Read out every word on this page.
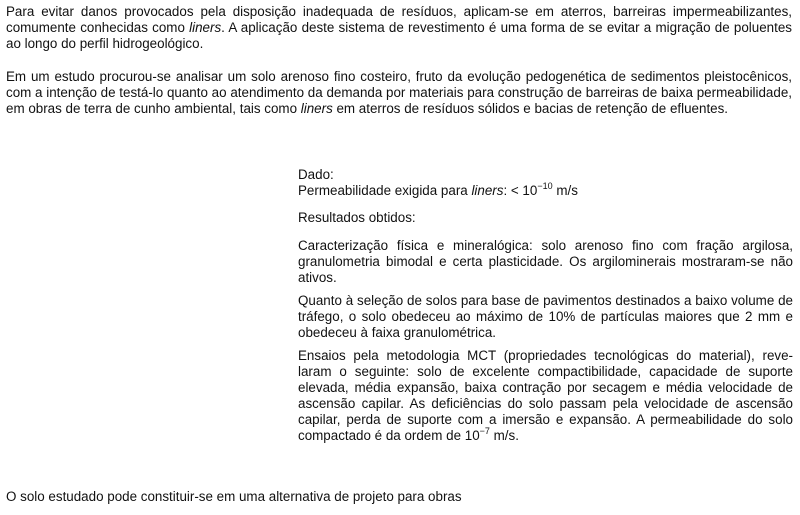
Para evitar danos provocados pela disposição inadequada de resíduos, aplicam-se em aterros, barreiras impermeabilizantes, comumente conhecidas como liners. A aplicação deste sistema de revestimento é uma forma de se evitar a migração de poluentes ao longo do perfil hidrogeológico.

Em um estudo procurou-se analisar um solo arenoso fino costeiro, fruto da evolução pedogenética de sedimentos pleistocênicos, com a intenção de testá-lo quanto ao atendimento da demanda por materiais para construção de barreiras de baixa permeabilidade, em obras de terra de cunho ambiental, tais como liners em aterros de resíduos sólidos e bacias de retenção de efluentes.

Dado:

Permeabilidade exigida para liners: < $10^{-10}$ m/s

Resultados obtidos:

Caracterização física e mineralógica: solo arenoso fino com fração argilosa, granulometria bimodal e certa plasticidade. Os argilominerais mostraram-se não ativos.

Quanto à seleção de solos para base de pavimentos destinados a baixo volume de tráfego, o solo obedeceu ao máximo de 10% de partículas maiores que 2 mm e obedeceu à faixa granulométrica.

Ensaios pela metodologia MCT (propriedades tecnológicas do material), reve-laram o seguinte: solo de excelente compactibilidade, capacidade de suporte elevada, média expansão, baixa contração por secagem e média velocidade de ascensão capilar. As deficiências do solo passam pela velocidade de ascensão capilar, perda de suporte com a imersão e expansão. A permeabilidade do solo compactado é da ordem de $10^{-7}$ m/s.

O solo estudado pode constituir-se em uma alternativa de projeto para obras
